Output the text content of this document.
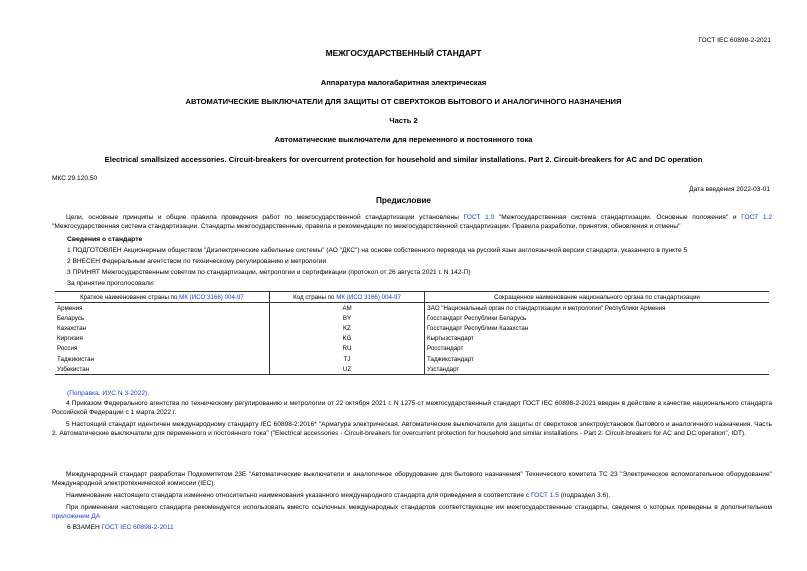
ГОСТ IEC 60898-2-2021
МЕЖГОСУДАРСТВЕННЫЙ СТАНДАРТ
Аппаратура малогабаритная электрическая
АВТОМАТИЧЕСКИЕ ВЫКЛЮЧАТЕЛИ ДЛЯ ЗАЩИТЫ ОТ СВЕРХТОКОВ БЫТОВОГО И АНАЛОГИЧНОГО НАЗНАЧЕНИЯ
Часть 2
Автоматические выключатели для переменного и постоянного тока
Electrical smallsized accessories. Circuit-breakers for overcurrent protection for household and similar installations. Part 2. Circuit-breakers for AC and DC operation
МКС 29.120.50
Дата введения 2022-03-01
Предисловие
Цели, основные принципы и общие правила проведения работ по межгосударственной стандартизации установлены ГОСТ 1.0 "Межгосударственная система стандартизации. Основные положения" и ГОСТ 1.2 "Межгосударственная система стандартизации. Стандарты межгосударственные, правила и рекомендации по межгосударственной стандартизации. Правила разработки, принятия, обновления и отмены"
Сведения о стандарте
1 ПОДГОТОВЛЕН Акционерным обществом "Диэлектрические кабельные системы" (АО "ДКС") на основе собственного перевода на русский язык англоязычной версии стандарта, указанного в пункте 5
2 ВНЕСЕН Федеральным агентством по техническому регулированию и метрологии
3 ПРИНЯТ Межгосударственным советом по стандартизации, метрологии и сертификации (протокол от 26 августа 2021 г. N 142-П)
За принятие проголосовали:
Краткое наименование страны по МК (ИСО 3166) 004-97	Код страны по МК (ИСО 3166) 004-97	Сокращенное наименование национального органа по стандартизации
Армения	AM	ЗАО "Национальный орган по стандартизации и метрологии" Республики Армения
Беларусь	BY	Госстандарт Республики Беларусь
Казахстан	KZ	Госстандарт Республики Казахстан
Киргизия	KG	Кыргызстандарт
Россия	RU	Росстандарт
Таджикистан	TJ	Таджикстандарт
Узбекистан	UZ	Узстандарт
(Поправка. ИУС N 3-2022).
4 Приказом Федерального агентства по техническому регулированию и метрологии от 22 октября 2021 г. N 1275-ст межгосударственный стандарт ГОСТ IEC 60898-2-2021 введен в действие в качестве национального стандарта Российской Федерации с 1 марта 2022 г.
5 Настоящий стандарт идентичен международному стандарту IEC 60898-2:2016* "Арматура электрическая. Автоматические выключатели для защиты от сверхтоков электроустановок бытового и аналогичного назначения. Часть 2. Автоматические выключатели для переменного и постоянного тока" ("Electrical accessories - Circuit-breakers for overcurrent protection for household and similar installations - Part 2: Circuit-breakers for AC and DC operation", IDT).
Международный стандарт разработан Подкомитетом 23E "Автоматические выключатели и аналогичное оборудование для бытового назначения" Технического комитета ТС 23 "Электрическое вспомогательное оборудование" Международной электротехнической комиссии (IEC).
Наименование настоящего стандарта изменено относительно наименования указанного международного стандарта для приведения в соответствие с ГОСТ 1.5 (подраздел 3.6).
При применении настоящего стандарта рекомендуется использовать вместо ссылочных международных стандартов соответствующие им межгосударственные стандарты, сведения о которых приведены в дополнительном приложении ДА
6 ВЗАМЕН ГОСТ IEC 60898-2-2011
